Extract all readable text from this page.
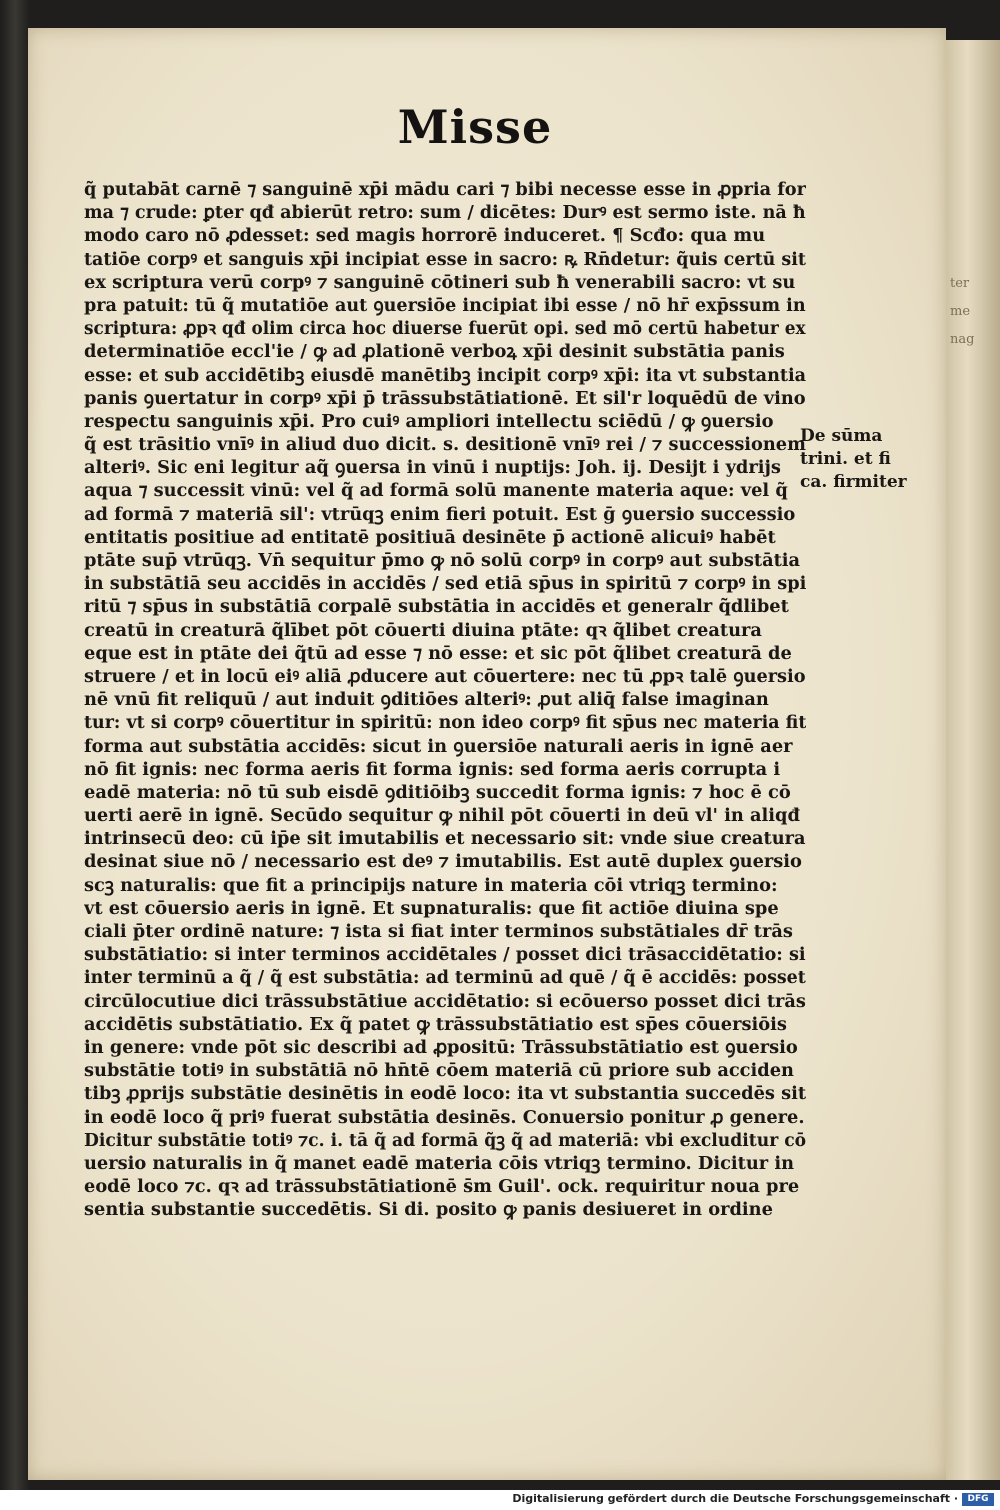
ter
me
nag
Misse
q̃ putabāt carnē ⁊ sanguinē xp̄i mādu cari ⁊ bibi necesse esse in ꝓpria for
ma ⁊ crude: ꝑter qđ abierūt retro: sum / dicētes: Durꝰ est sermo iste. nā ħ
modo caro nō ꝓdesset: sed magis horrorē induceret. ¶ Scđo: qua mu
tatiōe corpꝰ et sanguis xp̄i incipiat esse in sacro: ꝶ Rn̄detur: q̃uis certū sit
ex scriptura verū corpꝰ ⁊ sanguinē cōtineri sub ħ venerabili sacro: vt su
pra patuit: tū q̃ mutatiōe aut ꝯuersiōe incipiat ibi esse / nō hr̄ exp̄ssum in
scriptura: ꝓpꝛ qđ olim circa hoc diuerse fuerūt opi. sed mō certū habetur ex
determinatiōe eccl'ie / ꝙ ad ꝓlationē verboꝝ xp̄i desinit substātia panis
esse: et sub accidētibꝫ eiusdē manētibꝫ incipit corpꝰ xp̄i: ita vt substantia
panis ꝯuertatur in corpꝰ xp̄i p̄ trāssubstātiationē. Et sil'r loquēdū de vino
respectu sanguinis xp̄i. Pro cuiꝰ ampliori intellectu sciēdū / ꝙ ꝯuersio
q̃ est trāsitio vnīꝰ in aliud duo dicit. s. desitionē vnīꝰ rei / ⁊ successionem
alteriꝰ. Sic eni legitur aq̃ ꝯuersa in vinū i nuptijs: Joh. ij. Desijt i ydrijs
aqua ⁊ successit vinū: vel q̃ ad formā solū manente materia aque: vel q̃
ad formā ⁊ materiā sil': vtrūqꝫ enim fieri potuit. Est ḡ ꝯuersio successio
entitatis positiue ad entitatē positiuā desinēte p̄ actionē alicuiꝰ habēt
ptāte sup̄ vtrūqꝫ. Vn̄ sequitur p̄mo ꝙ nō solū corpꝰ in corpꝰ aut substātia
in substātiā seu accidēs in accidēs / sed etiā sp̄us in spiritū ⁊ corpꝰ in spi
ritū ⁊ sp̄us in substātiā corpalē substātia in accidēs et generalr q̃dlibet
creatū in creaturā q̃lībet pōt cōuerti diuina ptāte: qꝛ q̃libet creatura
eque est in ptāte dei q̃tū ad esse ⁊ nō esse: et sic pōt q̃libet creaturā de
struere / et in locū eiꝰ aliā ꝓducere aut cōuertere: nec tū ꝓpꝛ talē ꝯuersio
nē vnū fit reliquū / aut induit ꝯditiōes alteriꝰ: ꝓut aliq̄ false imaginan
tur: vt si corpꝰ cōuertitur in spiritū: non ideo corpꝰ fit sp̄us nec materia fit
forma aut substātia accidēs: sicut in ꝯuersiōe naturali aeris in ignē aer
nō fit ignis: nec forma aeris fit forma ignis: sed forma aeris corrupta i
eadē materia: nō tū sub eisdē ꝯditiōibꝫ succedit forma ignis: ⁊ hoc ē cō
uerti aerē in ignē. Secūdo sequitur ꝙ nihil pōt cōuerti in deū vl' in aliqđ
intrinsecū deo: cū ip̄e sit imutabilis et necessario sit: vnde siue creatura
desinat siue nō / necessario est deꝰ ⁊ imutabilis. Est autē duplex ꝯuersio
scꝫ naturalis: que fit a principijs nature in materia cōi vtriqꝫ termino:
vt est cōuersio aeris in ignē. Et supnaturalis: que fit actiōe diuina spe
ciali p̄ter ordinē nature: ⁊ ista si fiat inter terminos substātiales dr̄ trās
substātiatio: si inter terminos accidētales / posset dici trāsaccidētatio: si
inter terminū a q̃ / q̃ est substātia: ad terminū ad quē / q̃ ē accidēs: posset
circūlocutiue dici trāssubstātiue accidētatio: si ecōuerso posset dici trās
accidētis substātiatio. Ex q̃ patet ꝙ trāssubstātiatio est sp̄es cōuersiōis
in genere: vnde pōt sic describi ad ꝓpositū: Trāssubstātiatio est ꝯuersio
substātie totiꝰ in substātiā nō hn̄tē cōem materiā cū priore sub acciden
tibꝫ ꝓprijs substātie desinētis in eodē loco: ita vt substantia succedēs sit
in eodē loco q̃ priꝰ fuerat substātia desinēs. Conuersio ponitur ꝓ genere.
Dicitur substātie totiꝰ ⁊c. i. tā q̃ ad formā q̃ꝫ q̃ ad materiā: vbi excluditur cō
uersio naturalis in q̃ manet eadē materia cōis vtriqꝫ termino. Dicitur in
eodē loco ⁊c. qꝛ ad trāssubstātiationē s̄m Guil'. ock. requiritur noua pre
sentia substantie succedētis. Si di. posito ꝙ panis desiueret in ordine
De sūma
trini. et fi
ca. firmiter
Digitalisierung gefördert durch die Deutsche Forschungsgemeinschaft ·	DFG
